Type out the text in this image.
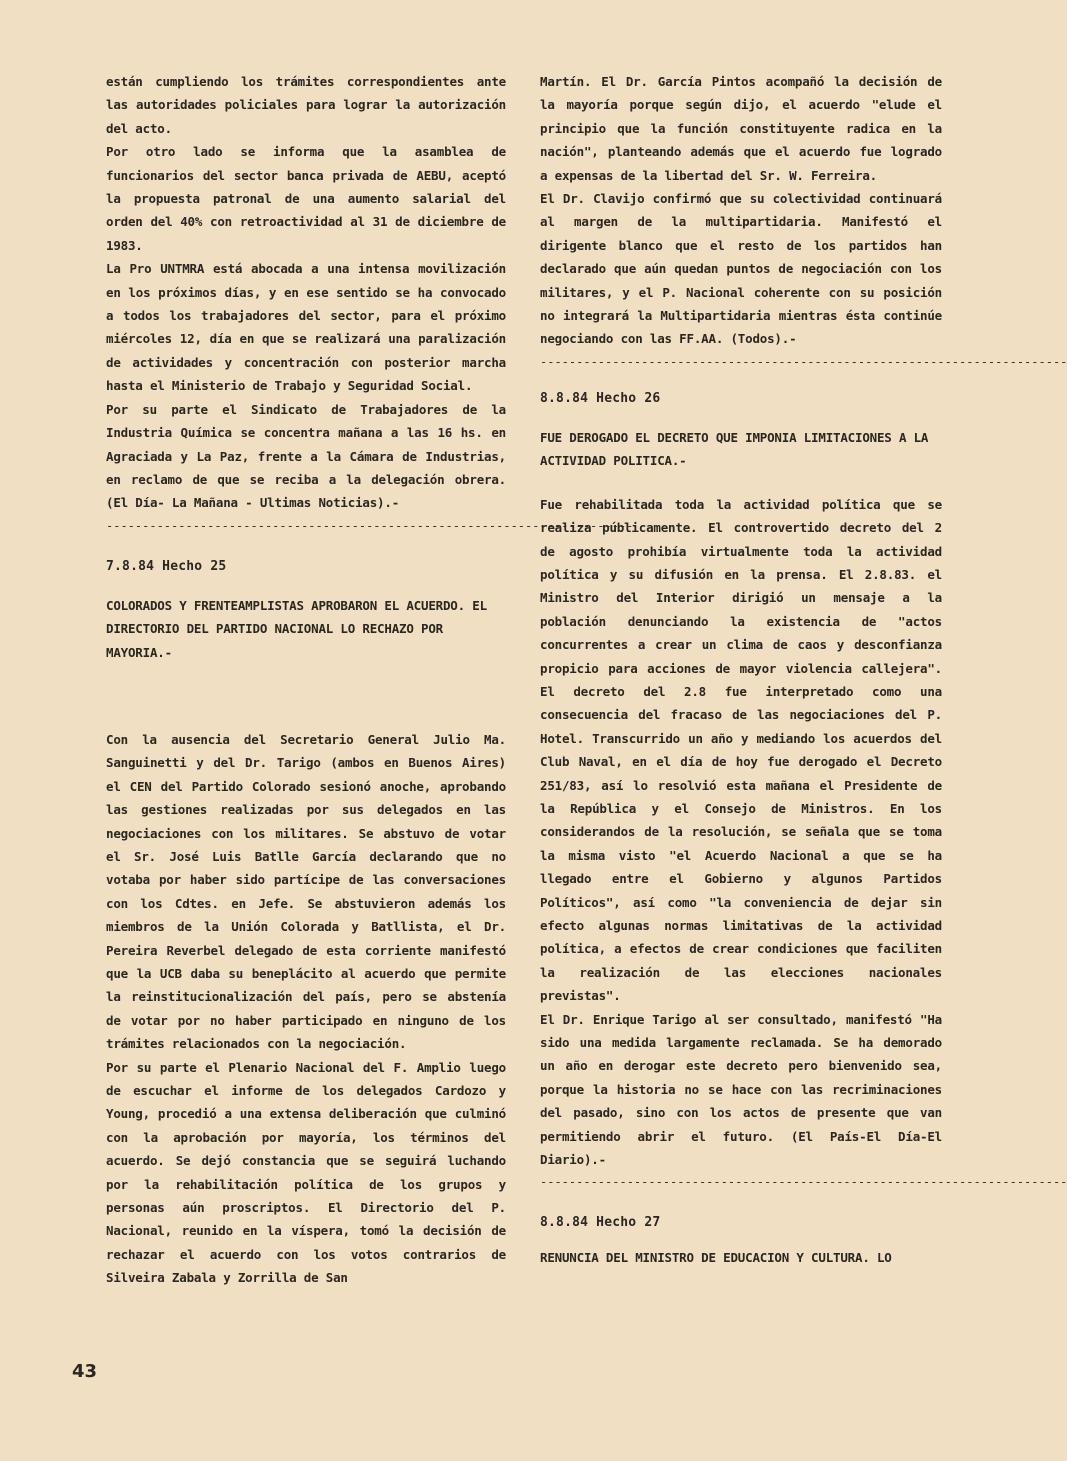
están cumpliendo los trámites correspondientes ante las autoridades policiales para lograr la autorización del acto.

Por otro lado se informa que la asamblea de funcionarios del sector banca privada de AEBU, aceptó la propuesta patronal de una aumento salarial del orden del 40% con retroactividad al 31 de diciembre de 1983.

La Pro UNTMRA está abocada a una intensa movilización en los próximos días, y en ese sentido se ha convocado a todos los trabajadores del sector, para el próximo miércoles 12, día en que se realizará una paralización de actividades y concentración con posterior marcha hasta el Ministerio de Trabajo y Seguridad Social.

Por su parte el Sindicato de Trabajadores de la Industria Química se concentra mañana a las 16 hs. en Agraciada y La Paz, frente a la Cámara de Industrias, en reclamo de que se reciba a la delegación obrera. (El Día- La Mañana - Ultimas Noticias).-

-------------------------------------------------------------------------

7.8.84 Hecho 25

COLORADOS Y FRENTEAMPLISTAS APROBARON EL ACUERDO. EL DIRECTORIO DEL PARTIDO NACIONAL LO RECHAZO POR MAYORIA.-

Con la ausencia del Secretario General Julio Ma. Sanguinetti y del Dr. Tarigo (ambos en Buenos Aires) el CEN del Partido Colorado sesionó anoche, aprobando las gestiones realizadas por sus delegados en las negociaciones con los militares. Se abstuvo de votar el Sr. José Luis Batlle García declarando que no votaba por haber sido partícipe de las conversaciones con los Cdtes. en Jefe. Se abstuvieron además los miembros de la Unión Colorada y Batllista, el Dr. Pereira Reverbel delegado de esta corriente manifestó que la UCB daba su beneplácito al acuerdo que permite la reinstitucionalización del país, pero se abstenía de votar por no haber participado en ninguno de los trámites relacionados con la negociación.

Por su parte el Plenario Nacional del F. Amplio luego de escuchar el informe de los delegados Cardozo y Young, procedió a una extensa deliberación que culminó con la aprobación por mayoría, los términos del acuerdo. Se dejó constancia que se seguirá luchando por la rehabilitación política de los grupos y personas aún proscriptos. El Directorio del P. Nacional, reunido en la víspera, tomó la decisión de rechazar el acuerdo con los votos contrarios de Silveira Zabala y Zorrilla de San

Martín. El Dr. García Pintos acompañó la decisión de la mayoría porque según dijo, el acuerdo "elude el principio que la función constituyente radica en la nación", planteando además que el acuerdo fue logrado a expensas de la libertad del Sr. W. Ferreira.

El Dr. Clavijo confirmó que su colectividad continuará al margen de la multipartidaria. Manifestó el dirigente blanco que el resto de los partidos han declarado que aún quedan puntos de negociación con los militares, y el P. Nacional coherente con su posición no integrará la Multipartidaria mientras ésta continúe negociando con las FF.AA. (Todos).-

-------------------------------------------------------------------------

8.8.84 Hecho 26

FUE DEROGADO EL DECRETO QUE IMPONIA LIMITACIONES A LA ACTIVIDAD POLITICA.-

Fue rehabilitada toda la actividad política que se realiza públicamente. El controvertido decreto del 2 de agosto prohibía virtualmente toda la actividad política y su difusión en la prensa. El 2.8.83. el Ministro del Interior dirigió un mensaje a la población denunciando la existencia de "actos concurrentes a crear un clima de caos y desconfianza propicio para acciones de mayor violencia callejera". El decreto del 2.8 fue interpretado como una consecuencia del fracaso de las negociaciones del P. Hotel. Transcurrido un año y mediando los acuerdos del Club Naval, en el día de hoy fue derogado el Decreto 251/83, así lo resolvió esta mañana el Presidente de la República y el Consejo de Ministros. En los considerandos de la resolución, se señala que se toma la misma visto "el Acuerdo Nacional a que se ha llegado entre el Gobierno y algunos Partidos Políticos", así como "la conveniencia de dejar sin efecto algunas normas limitativas de la actividad política, a efectos de crear condiciones que faciliten la realización de las elecciones nacionales previstas".

El Dr. Enrique Tarigo al ser consultado, manifestó "Ha sido una medida largamente reclamada. Se ha demorado un año en derogar este decreto pero bienvenido sea, porque la historia no se hace con las recriminaciones del pasado, sino con los actos de presente que van permitiendo abrir el futuro. (El País-El Día-El Diario).-

-------------------------------------------------------------------------

8.8.84 Hecho 27

RENUNCIA DEL MINISTRO DE EDUCACION Y CULTURA. LO

43
